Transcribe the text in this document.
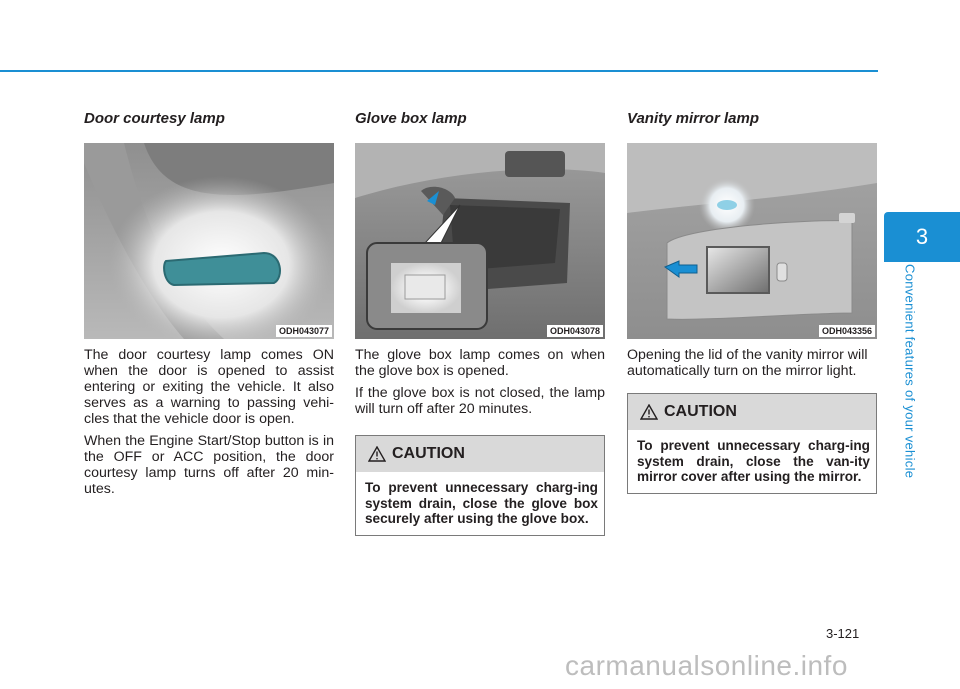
Door courtesy lamp
ODH043077

The door courtesy lamp comes ON when the door is opened to assist entering or exiting the vehicle. It also serves as a warning to passing vehi-cles that the vehicle door is open.

When the Engine Start/Stop button is in the OFF or ACC position, the door courtesy lamp turns off after 20 min-utes.

Glove box lamp
ODH043078

The glove box lamp comes on when the glove box is opened.

If the glove box is not closed, the lamp will turn off after 20 minutes.

CAUTION
To prevent unnecessary charg-ing system drain, close the glove box securely after using the glove box.
Vanity mirror lamp
ODH043356

Opening the lid of the vanity mirror will automatically turn on the mirror light.

CAUTION
To prevent unnecessary charg-ing system drain, close the van-ity mirror cover after using the mirror.
3
Convenient features of your vehicle
3-121
carmanualsonline.info
